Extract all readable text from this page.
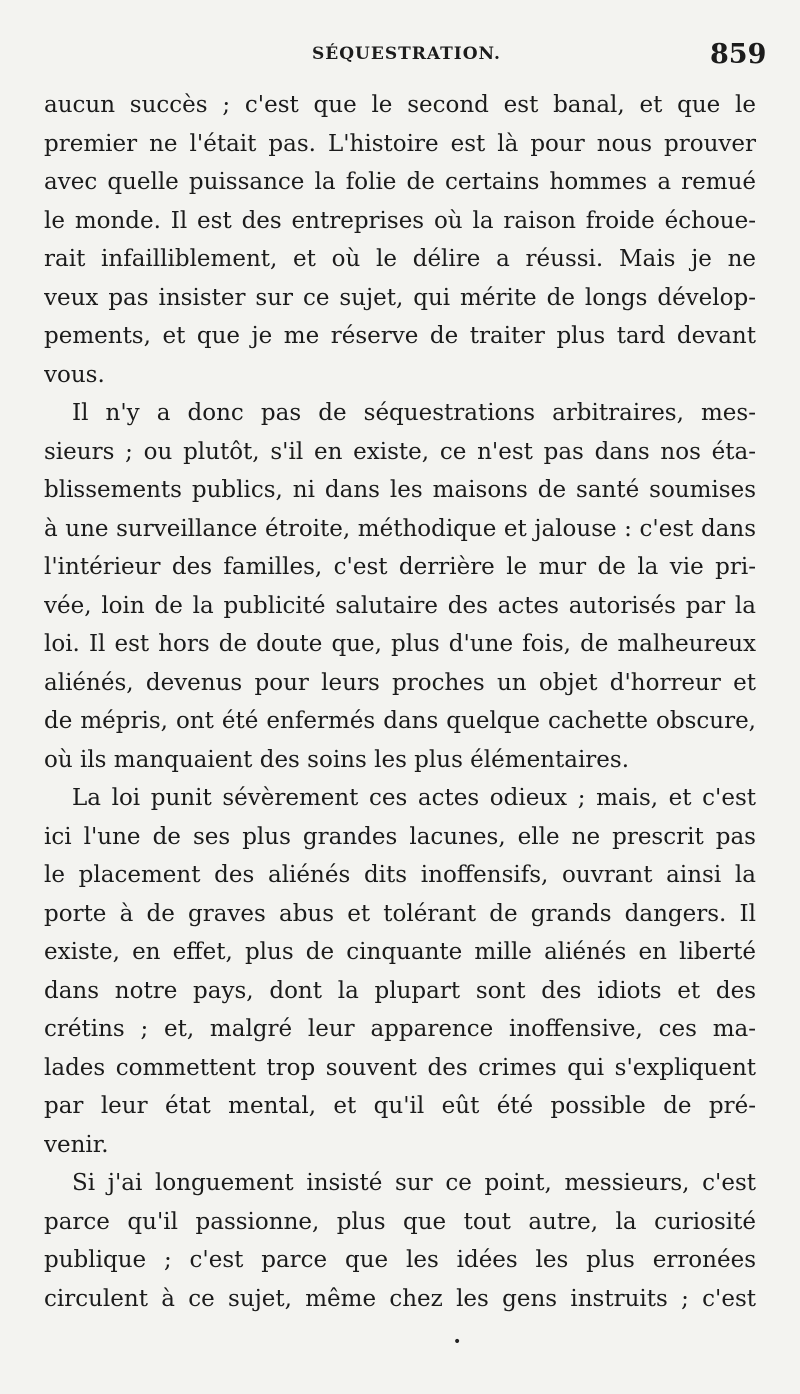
SÉQUESTRATION.	859
aucun succès ; c'est que le second est banal, et que le
premier ne l'était pas. L'histoire est là pour nous prouver
avec quelle puissance la folie de certains hommes a remué
le monde. Il est des entreprises où la raison froide échoue-
rait infailliblement, et où le délire a réussi. Mais je ne
veux pas insister sur ce sujet, qui mérite de longs dévelop-
pements, et que je me réserve de traiter plus tard devant
vous.
Il n'y a donc pas de séquestrations arbitraires, mes-
sieurs ; ou plutôt, s'il en existe, ce n'est pas dans nos éta-
blissements publics, ni dans les maisons de santé soumises
à une surveillance étroite, méthodique et jalouse : c'est dans
l'intérieur des familles, c'est derrière le mur de la vie pri-
vée, loin de la publicité salutaire des actes autorisés par la
loi. Il est hors de doute que, plus d'une fois, de malheureux
aliénés, devenus pour leurs proches un objet d'horreur et
de mépris, ont été enfermés dans quelque cachette obscure,
où ils manquaient des soins les plus élémentaires.
La loi punit sévèrement ces actes odieux ; mais, et c'est
ici l'une de ses plus grandes lacunes, elle ne prescrit pas
le placement des aliénés dits inoffensifs, ouvrant ainsi la
porte à de graves abus et tolérant de grands dangers. Il
existe, en effet, plus de cinquante mille aliénés en liberté
dans notre pays, dont la plupart sont des idiots et des
crétins ; et, malgré leur apparence inoffensive, ces ma-
lades commettent trop souvent des crimes qui s'expliquent
par leur état mental, et qu'il eût été possible de pré-
venir.
Si j'ai longuement insisté sur ce point, messieurs, c'est
parce qu'il passionne, plus que tout autre, la curiosité
publique ; c'est parce que les idées les plus erronées
circulent à ce sujet, même chez les gens instruits ; c'est
•
